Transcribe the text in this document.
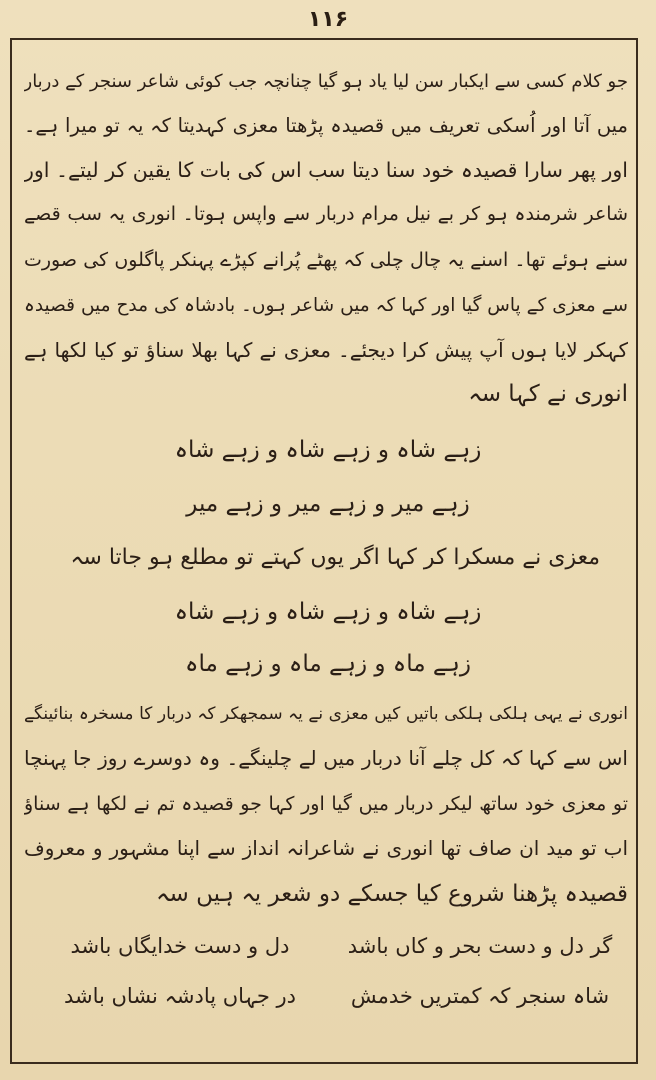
۱۱۶
جو کلام کسی سے ایکبار سن لیا یاد ہو گیا چنانچہ جب کوئی شاعر سنجر کے دربار
میں آتا اور اُسکی تعریف میں قصیدہ پڑھتا معزی کہدیتا کہ یہ تو میرا ہے۔
اور پھر سارا قصیدہ خود سنا دیتا سب اس کی بات کا یقین کر لیتے۔ اور
شاعر شرمندہ ہو کر بے نیل مرام دربار سے واپس ہوتا۔ انوری یہ سب قصے
سنے ہوئے تھا۔ اسنے یہ چال چلی کہ پھٹے پُرانے کپڑے پہنکر پاگلوں کی صورت
سے معزی کے پاس گیا اور کہا کہ میں شاعر ہوں۔ بادشاہ کی مدح میں قصیدہ
کہکر لایا ہوں آپ پیش کرا دیجئے۔ معزی نے کہا بھلا سناؤ تو کیا لکھا ہے
انوری نے کہا سہ
زہے شاہ و زہے شاہ و زہے شاہ
زہے میر و زہے میر و زہے میر
معزی نے مسکرا کر کہا اگر یوں کہتے تو مطلع ہو جاتا سہ
زہے شاہ و زہے شاہ و زہے شاہ
زہے ماہ و زہے ماہ و زہے ماہ
انوری نے یہی ہلکی ہلکی باتیں کیں معزی نے یہ سمجھکر کہ دربار کا مسخرہ بنائینگے
اس سے کہا کہ کل چلے آنا دربار میں لے چلینگے۔ وہ دوسرے روز جا پہنچا
تو معزی خود ساتھ لیکر دربار میں گیا اور کہا جو قصیدہ تم نے لکھا ہے سناؤ
اب تو مید ان صاف تھا انوری نے شاعرانہ انداز سے اپنا مشہور و معروف
قصیدہ پڑھنا شروع کیا جسکے دو شعر یہ ہیں سہ
گر دل و دست بحر و کاں باشد
دل و دست خدایگاں باشد
شاہ سنجر کہ کمتریں خدمش
در جہاں پادشہ نشاں باشد
